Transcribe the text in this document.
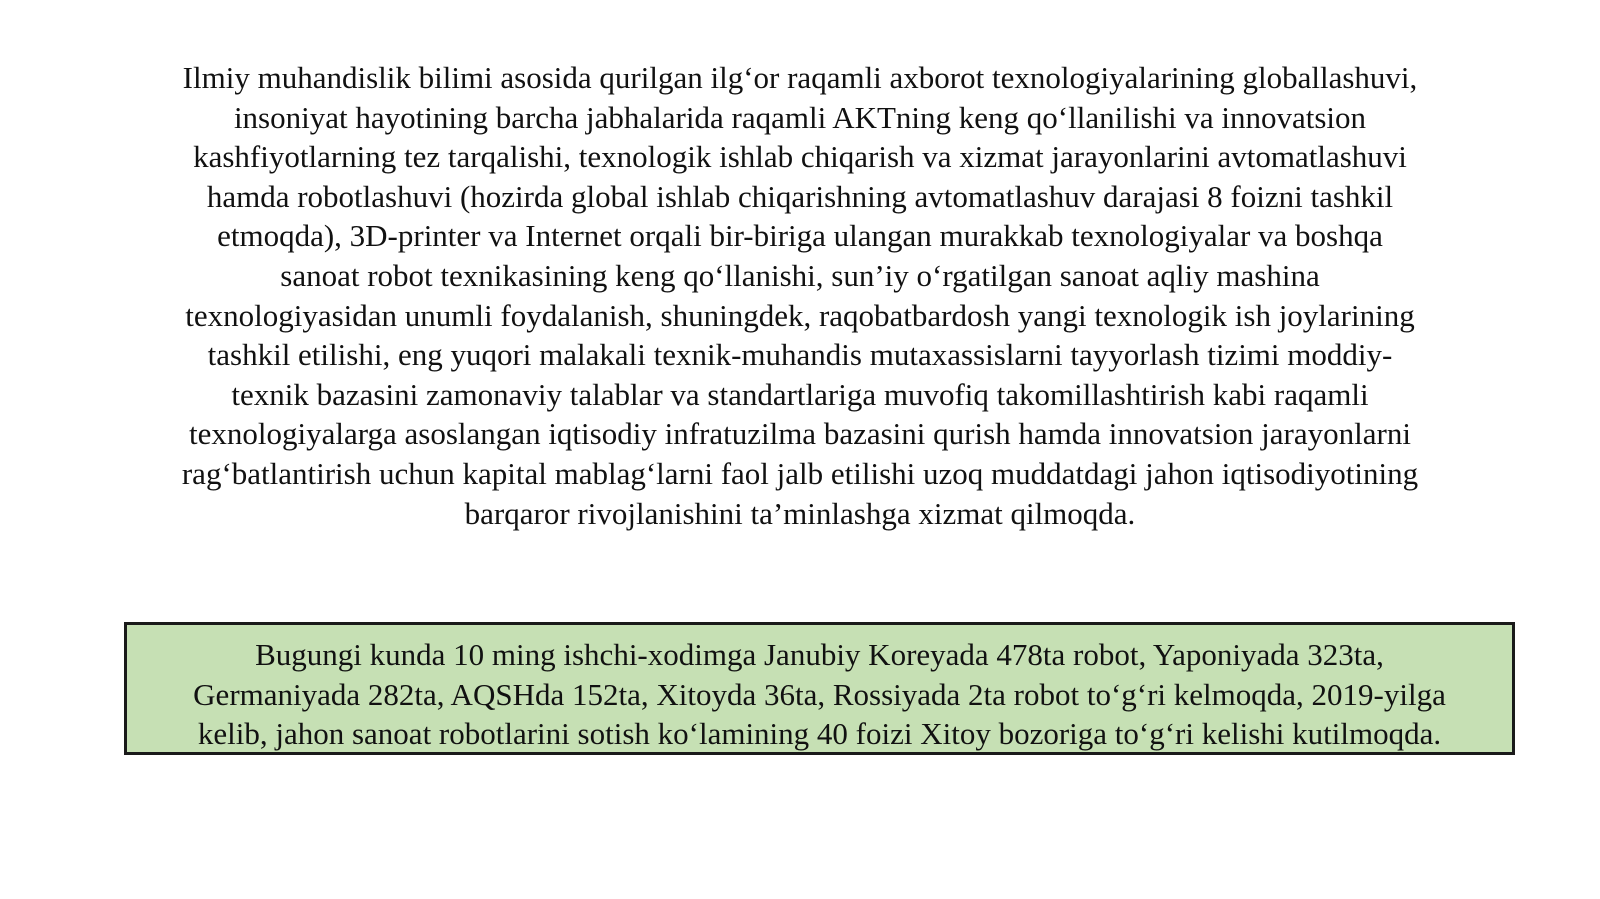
Ilmiy muhandislik bilimi asosida qurilgan ilg‘or raqamli axborot texnologiyalarining globallashuvi,
insoniyat hayotining barcha jabhalarida raqamli AKTning keng qo‘llanilishi va innovatsion
kashfiyotlarning tez tarqalishi, texnologik ishlab chiqarish va xizmat jarayonlarini avtomatlashuvi
hamda robotlashuvi (hozirda global ishlab chiqarishning avtomatlashuv darajasi 8 foizni tashkil
etmoqda), 3D-printer va Internet orqali bir-biriga ulangan murakkab texnologiyalar va boshqa
sanoat robot texnikasining keng qo‘llanishi, sun’iy o‘rgatilgan sanoat aqliy mashina
texnologiyasidan unumli foydalanish, shuningdek, raqobatbardosh yangi texnologik ish joylarining
tashkil etilishi, eng yuqori malakali texnik-muhandis mutaxassislarni tayyorlash tizimi moddiy-
texnik bazasini zamonaviy talablar va standartlariga muvofiq takomillashtirish kabi raqamli
texnologiyalarga asoslangan iqtisodiy infratuzilma bazasini qurish hamda innovatsion jarayonlarni
rag‘batlantirish uchun kapital mablag‘larni faol jalb etilishi uzoq muddatdagi jahon iqtisodiyotining
barqaror rivojlanishini ta’minlashga xizmat qilmoqda.

Bugungi kunda 10 ming ishchi-xodimga Janubiy Koreyada 478ta robot, Yaponiyada 323ta,
Germaniyada 282ta, AQSHda 152ta, Xitoyda 36ta, Rossiyada 2ta robot to‘g‘ri kelmoqda, 2019-yilga
kelib, jahon sanoat robotlarini sotish ko‘lamining 40 foizi Xitoy bozoriga to‘g‘ri kelishi kutilmoqda.
